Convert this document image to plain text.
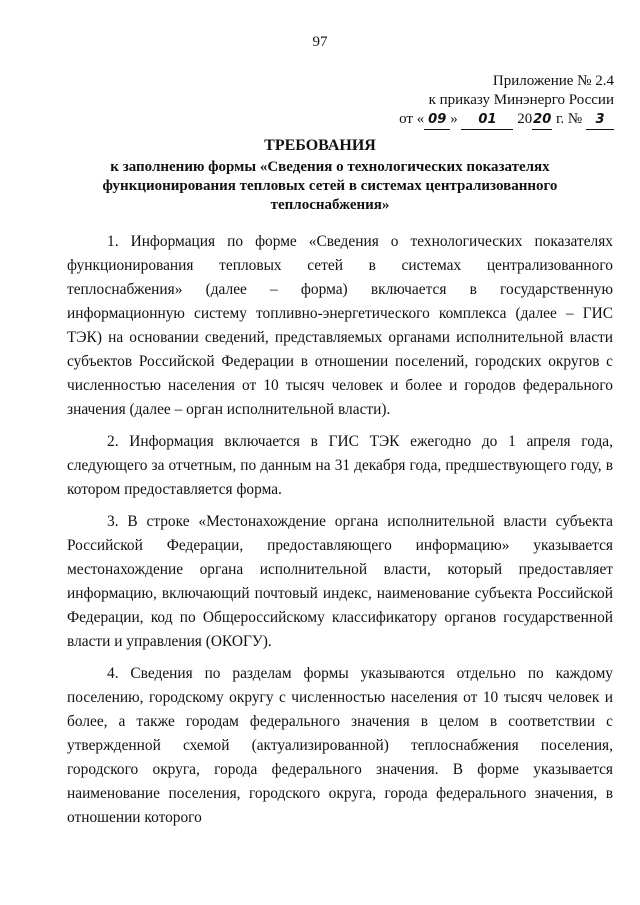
97
Приложение № 2.4
к приказу Минэнерго России
от « 09 » 01 2020 г. № 3
ТРЕБОВАНИЯ
к заполнению формы «Сведения о технологических показателях функционирования тепловых сетей в системах централизованного теплоснабжения»

1. Информация по форме «Сведения о технологических показателях функционирования тепловых сетей в системах централизованного теплоснабжения» (далее – форма) включается в государственную информационную систему топливно-энергетического комплекса (далее – ГИС ТЭК) на основании сведений, представляемых органами исполнительной власти субъектов Российской Федерации в отношении поселений, городских округов с численностью населения от 10 тысяч человек и более и городов федерального значения (далее – орган исполнительной власти).

2. Информация включается в ГИС ТЭК ежегодно до 1 апреля года, следующего за отчетным, по данным на 31 декабря года, предшествующего году, в котором предоставляется форма.

3. В строке «Местонахождение органа исполнительной власти субъекта Российской Федерации, предоставляющего информацию» указывается местонахождение органа исполнительной власти, который предоставляет информацию, включающий почтовый индекс, наименование субъекта Российской Федерации, код по Общероссийскому классификатору органов государственной власти и управления (ОКОГУ).

4. Сведения по разделам формы указываются отдельно по каждому поселению, городскому округу с численностью населения от 10 тысяч человек и более, а также городам федерального значения в целом в соответствии с утвержденной схемой (актуализированной) теплоснабжения поселения, городского округа, города федерального значения. В форме указывается наименование поселения, городского округа, города федерального значения, в отношении которого
